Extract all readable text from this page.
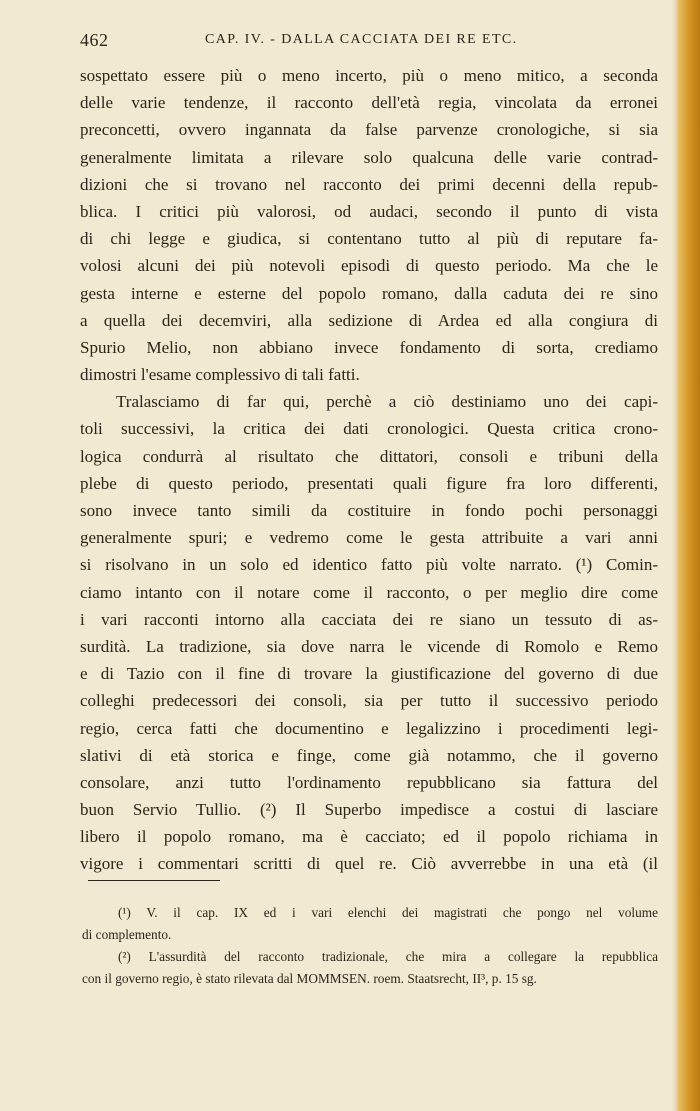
462	CAP. IV. - DALLA CACCIATA DEI RE ETC.
sospettato essere più o meno incerto, più o meno mitico, a seconda
delle varie tendenze, il racconto dell'età regia, vincolata da erronei
preconcetti, ovvero ingannata da false parvenze cronologiche, si sia
generalmente limitata a rilevare solo qualcuna delle varie contrad-
dizioni che si trovano nel racconto dei primi decenni della repub-
blica. I critici più valorosi, od audaci, secondo il punto di vista
di chi legge e giudica, si contentano tutto al più di reputare fa-
volosi alcuni dei più notevoli episodi di questo periodo. Ma che le
gesta interne e esterne del popolo romano, dalla caduta dei re sino
a quella dei decemviri, alla sedizione di Ardea ed alla congiura di
Spurio Melio, non abbiano invece fondamento di sorta, crediamo
dimostri l'esame complessivo di tali fatti.
Tralasciamo di far qui, perchè a ciò destiniamo uno dei capi-
toli successivi, la critica dei dati cronologici. Questa critica crono-
logica condurrà al risultato che dittatori, consoli e tribuni della
plebe di questo periodo, presentati quali figure fra loro differenti,
sono invece tanto simili da costituire in fondo pochi personaggi
generalmente spuri; e vedremo come le gesta attribuite a vari anni
si risolvano in un solo ed identico fatto più volte narrato. (¹) Comin-
ciamo intanto con il notare come il racconto, o per meglio dire come
i vari racconti intorno alla cacciata dei re siano un tessuto di as-
surdità. La tradizione, sia dove narra le vicende di Romolo e Remo
e di Tazio con il fine di trovare la giustificazione del governo di due
colleghi predecessori dei consoli, sia per tutto il successivo periodo
regio, cerca fatti che documentino e legalizzino i procedimenti legi-
slativi di età storica e finge, come già notammo, che il governo
consolare, anzi tutto l'ordinamento repubblicano sia fattura del
buon Servio Tullio. (²) Il Superbo impedisce a costui di lasciare
libero il popolo romano, ma è cacciato; ed il popolo richiama in
vigore i commentari scritti di quel re. Ciò avverrebbe in una età (il
(¹) V. il cap. IX ed i vari elenchi dei magistrati che pongo nel volume
di complemento.
(²) L'assurdità del racconto tradizionale, che mira a collegare la repubblica
con il governo regio, è stato rilevata dal MOMMSEN. roem. Staatsrecht, II³, p. 15 sg.
